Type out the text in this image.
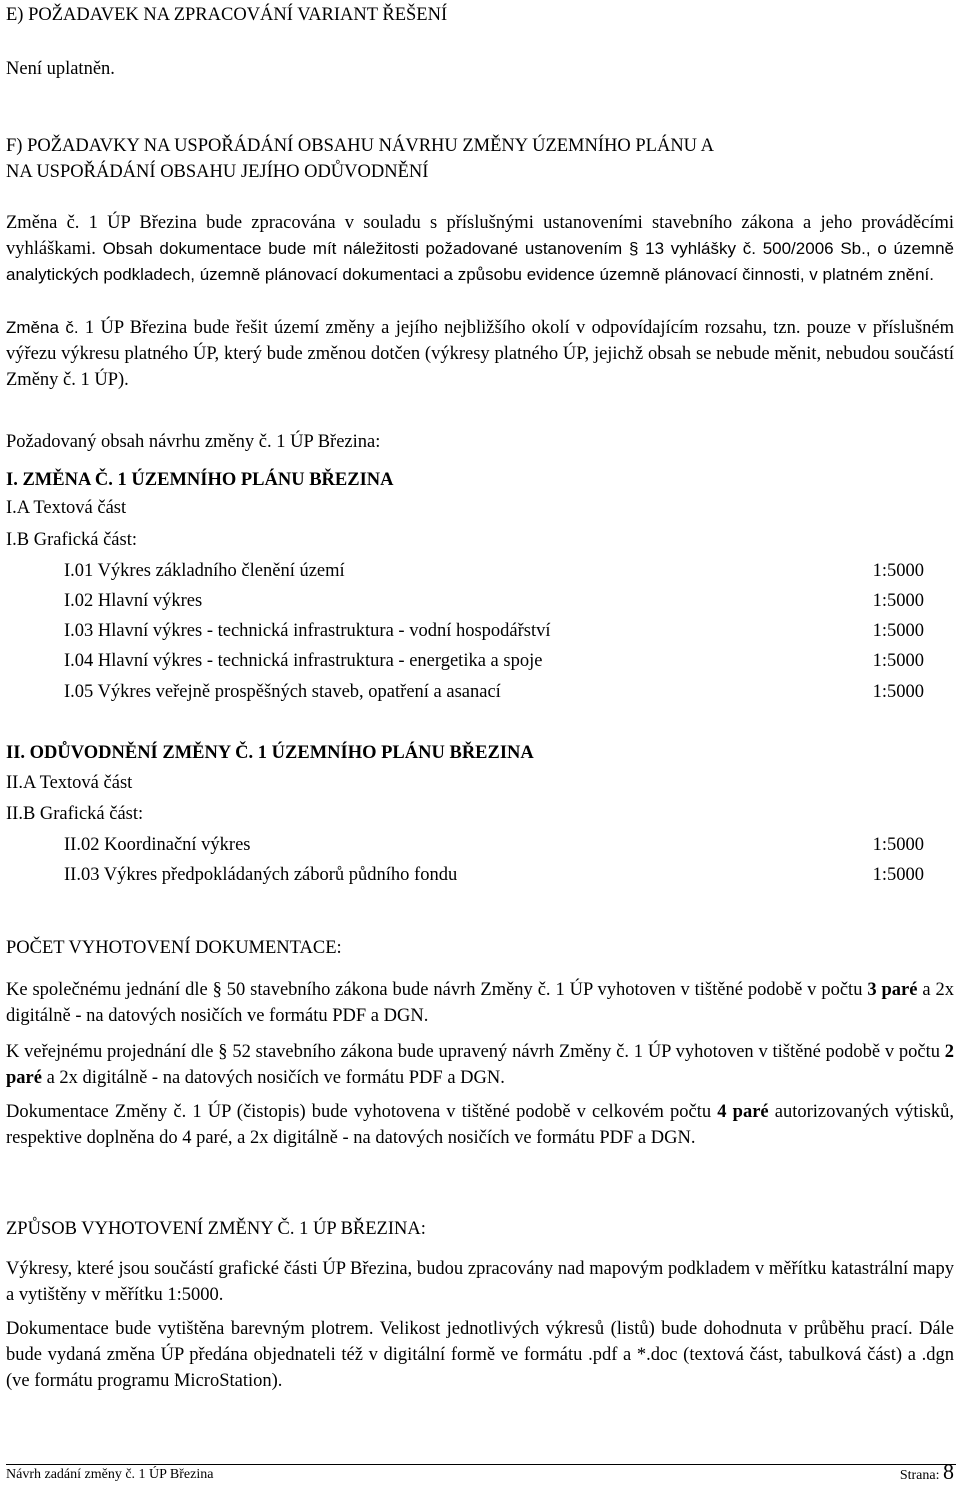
E) POŽADAVEK NA ZPRACOVÁNÍ VARIANT ŘEŠENÍ
Není uplatněn.
F) POŽADAVKY NA USPOŘÁDÁNÍ OBSAHU NÁVRHU ZMĚNY ÚZEMNÍHO PLÁNU A
NA USPOŘÁDÁNÍ OBSAHU JEJÍHO ODŮVODNĚNÍ
Změna č. 1 ÚP Březina bude zpracována v souladu s příslušnými ustanoveními stavebního zákona a jeho prováděcími vyhláškami. Obsah dokumentace bude mít náležitosti požadované ustanovením § 13 vyhlášky č. 500/2006 Sb., o územně analytických podkladech, územně plánovací dokumentaci a způsobu evidence územně plánovací činnosti, v platném znění.
Změna č. 1 ÚP Březina bude řešit území změny a jejího nejbližšího okolí v odpovídajícím rozsahu, tzn. pouze v příslušném výřezu výkresu platného ÚP, který bude změnou dotčen (výkresy platného ÚP, jejichž obsah se nebude měnit, nebudou součástí Změny č. 1 ÚP).
Požadovaný obsah návrhu změny č. 1 ÚP Březina:
I. ZMĚNA Č. 1 ÚZEMNÍHO PLÁNU BŘEZINA
I.A Textová část
I.B Grafická část:
I.01 Výkres základního členění území	1:5000
I.02 Hlavní výkres	1:5000
I.03 Hlavní výkres - technická infrastruktura - vodní hospodářství	1:5000
I.04 Hlavní výkres - technická infrastruktura - energetika a spoje	1:5000
I.05 Výkres veřejně prospěšných staveb, opatření a asanací	1:5000
II. ODŮVODNĚNÍ ZMĚNY Č. 1 ÚZEMNÍHO PLÁNU BŘEZINA
II.A Textová část
II.B Grafická část:
II.02 Koordinační výkres	1:5000
II.03 Výkres předpokládaných záborů půdního fondu	1:5000
POČET VYHOTOVENÍ DOKUMENTACE:
Ke společnému jednání dle § 50 stavebního zákona bude návrh Změny č. 1 ÚP vyhotoven v tištěné podobě v počtu 3 paré a 2x digitálně - na datových nosičích ve formátu PDF a DGN.
K veřejnému projednání dle § 52 stavebního zákona bude upravený návrh Změny č. 1 ÚP vyhotoven v tištěné podobě v počtu 2 paré a 2x digitálně - na datových nosičích ve formátu PDF a DGN.
Dokumentace Změny č. 1 ÚP (čistopis) bude vyhotovena v tištěné podobě v celkovém počtu 4 paré autorizovaných výtisků, respektive doplněna do 4 paré, a 2x digitálně - na datových nosičích ve formátu PDF a DGN.
ZPŮSOB VYHOTOVENÍ ZMĚNY Č. 1 ÚP BŘEZINA:
Výkresy, které jsou součástí grafické části ÚP Březina, budou zpracovány nad mapovým podkladem v měřítku katastrální mapy a vytištěny v měřítku 1:5000.
Dokumentace bude vytištěna barevným plotrem. Velikost jednotlivých výkresů (listů) bude dohodnuta v průběhu prací. Dále bude vydaná změna ÚP předána objednateli též v digitální formě ve formátu .pdf a *.doc (textová část, tabulková část) a .dgn (ve formátu programu MicroStation).
Návrh zadání změny č. 1 ÚP Březina	Strana: 8
